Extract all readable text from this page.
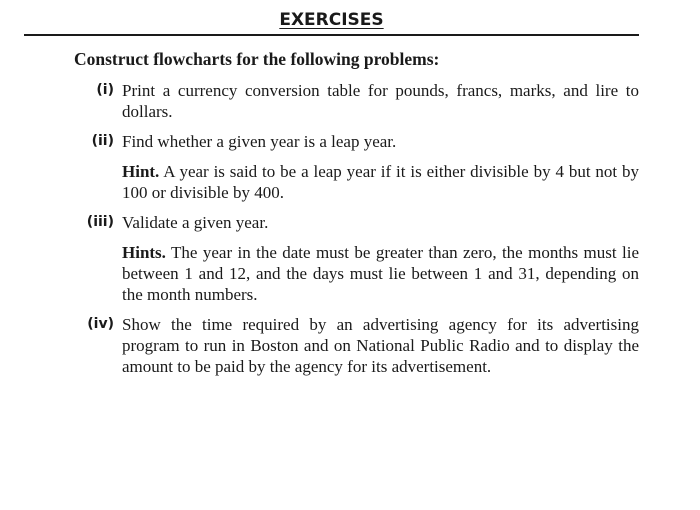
EXERCISES
Construct flowcharts for the following problems:
(i) Print a currency conversion table for pounds, francs, marks, and lire to dollars.
(ii) Find whether a given year is a leap year.
Hint. A year is said to be a leap year if it is either divisible by 4 but not by 100 or divisible by 400.
(iii) Validate a given year.
Hints. The year in the date must be greater than zero, the months must lie between 1 and 12, and the days must lie between 1 and 31, depending on the month numbers.
(iv) Show the time required by an advertising agency for its advertising program to run in Boston and on National Public Radio and to display the amount to be paid by the agency for its advertisement.
